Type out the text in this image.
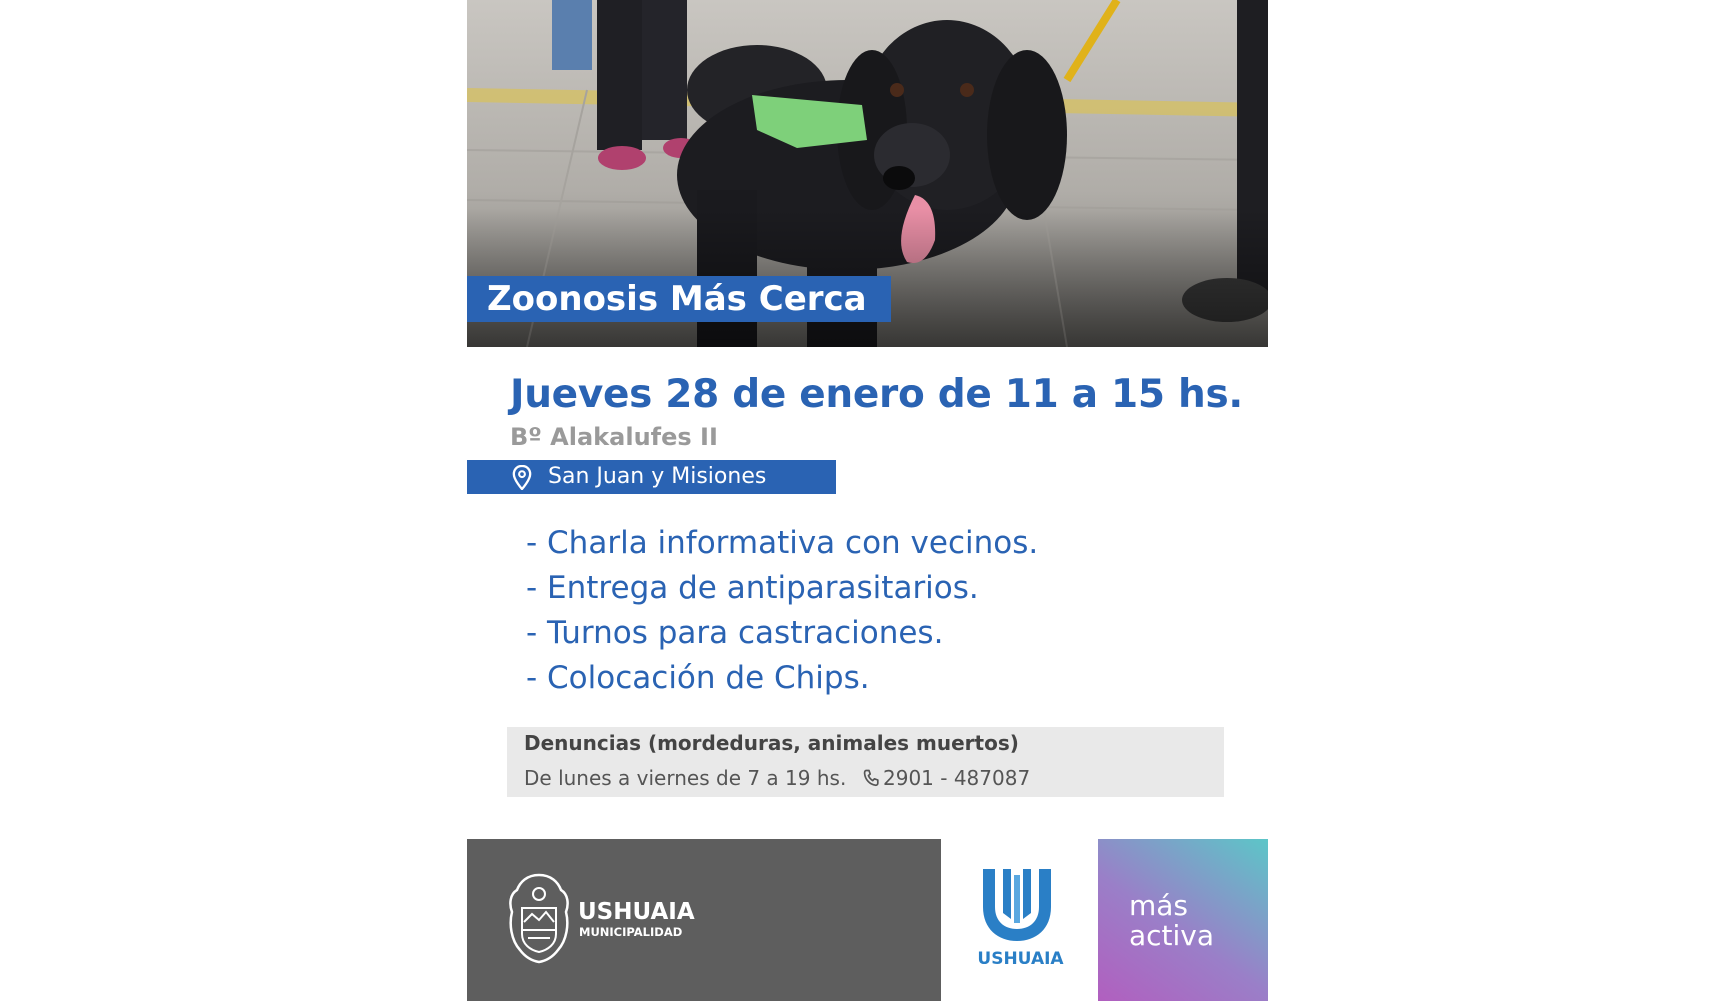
Zoonosis Más Cerca
Jueves 28 de enero de 11 a 15 hs.
Bº Alakalufes II
San Juan y Misiones
- Charla informativa con vecinos.
- Entrega de antiparasitarios.
- Turnos para castraciones.
- Colocación de Chips.
Denuncias (mordeduras, animales muertos)
De lunes a viernes de 7 a 19 hs. 2901 - 487087
USHUAIA
MUNICIPALIDAD
USHUAIA
más
activa
